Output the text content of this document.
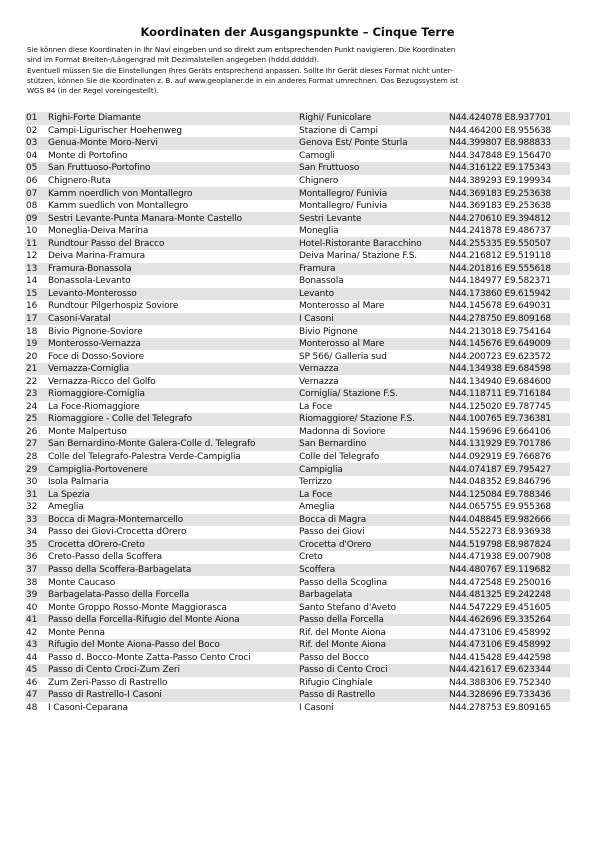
Koordinaten der Ausgangspunkte – Cinque Terre

Sie können diese Koordinaten in Ihr Navi eingeben und so direkt zum entsprechenden Punkt navigieren. Die Koordinaten

sind im Format Breiten-/Längengrad mit Dezimalstellen angegeben (hddd.ddddd).

Eventuell müssen Sie die Einstellungen Ihres Geräts entsprechend anpassen. Sollte Ihr Gerät dieses Format nicht unter-

stützen, können Sie die Koordinaten z. B. auf www.geoplaner.de in ein anderes Format umrechnen. Das Bezugssystem ist

WGS 84 (in der Regel voreingestellt).

01	Righi-Forte Diamante	Righi/ Funicolare	N44.424078 E8.937701
02	Campi-Ligurischer Hoehenweg	Stazione di Campi	N44.464200 E8.955638
03	Genua-Monte Moro-Nervi	Genova Est/ Ponte Sturla	N44.399807 E8.988833
04	Monte di Portofino	Camogli	N44.347848 E9.156470
05	San Fruttuoso-Portofino	San Fruttuoso	N44.316122 E9.175343
06	Chignero-Ruta	Chignero	N44.389293 E9.199934
07	Kamm noerdlich von Montallegro	Montallegro/ Funivia	N44.369183 E9.253638
08	Kamm suedlich von Montallegro	Montallegro/ Funivia	N44.369183 E9.253638
09	Sestri Levante-Punta Manara-Monte Castello	Sestri Levante	N44.270610 E9.394812
10	Moneglia-Deiva Marina	Moneglia	N44.241878 E9.486737
11	Rundtour Passo del Bracco	Hotel-Ristorante Baracchino	N44.255335 E9.550507
12	Deiva Marina-Framura	Deiva Marina/ Stazione F.S.	N44.216812 E9.519118
13	Framura-Bonassola	Framura	N44.201816 E9.555618
14	Bonassola-Levanto	Bonassola	N44.184977 E9.582371
15	Levanto-Monterosso	Levanto	N44.173860 E9.615942
16	Rundtour Pilgerhospiz Soviore	Monterosso al Mare	N44.145678 E9.649031
17	Casoni-Varatal	I Casoni	N44.278750 E9.809168
18	Bivio Pignone-Soviore	Bivio Pignone	N44.213018 E9.754164
19	Monterosso-Vernazza	Monterosso al Mare	N44.145676 E9.649009
20	Foce di Dosso-Soviore	SP 566/ Galleria sud	N44.200723 E9.623572
21	Vernazza-Corniglia	Vernazza	N44.134938 E9.684598
22	Vernazza-Ricco del Golfo	Vernazza	N44.134940 E9.684600
23	Riomaggiore-Corniglia	Corniglia/ Stazione F.S.	N44.118711 E9.716184
24	La Foce-Riomaggiore	La Foce	N44.125020 E9.787745
25	Riomaggiore - Colle del Telegrafo	Riomaggiore/ Stazione F.S.	N44.100765 E9.736381
26	Monte Malpertuso	Madonna di Soviore	N44.159696 E9.664106
27	San Bernardino-Monte Galera-Colle d. Telegrafo	San Bernardino	N44.131929 E9.701786
28	Colle del Telegrafo-Palestra Verde-Campiglia	Colle del Telegrafo	N44.092919 E9.766876
29	Campiglia-Portovenere	Campiglia	N44.074187 E9.795427
30	Isola Palmaria	Terrizzo	N44.048352 E9.846796
31	La Spezia	La Foce	N44.125084 E9.788346
32	Ameglia	Ameglia	N44.065755 E9.955368
33	Bocca di Magra-Montemarcello	Bocca di Magra	N44.048845 E9.982666
34	Passo dei Giovi-Crocetta dOrero	Passo dei Giovi	N44.552273 E8.936938
35	Crocetta dOrero-Creto	Crocetta d'Orero	N44.519798 E8.987824
36	Creto-Passo della Scoffera	Creto	N44.471938 E9.007908
37	Passo della Scoffera-Barbagelata	Scoffera	N44.480767 E9.119682
38	Monte Caucaso	Passo della Scoglina	N44.472548 E9.250016
39	Barbagelata-Passo della Forcella	Barbagelata	N44.481325 E9.242248
40	Monte Groppo Rosso-Monte Maggiorasca	Santo Stefano d'Aveto	N44.547229 E9.451605
41	Passo della Forcella-Rifugio del Monte Aiona	Passo della Forcella	N44.462696 E9.335264
42	Monte Penna	Rif. del Monte Aiona	N44.473106 E9.458992
43	Rifugio del Monte Aiona-Passo del Boco	Rif. del Monte Aiona	N44.473106 E9.458992
44	Passo d. Bocco-Monte Zatta-Passo Cento Croci	Passo del Bocco	N44.415428 E9.442598
45	Passo di Cento Croci-Zum Zeri	Passo di Cento Croci	N44.421617 E9.623344
46	Zum Zeri-Passo di Rastrello	Rifugio Cinghiale	N44.388306 E9.752340
47	Passo di Rastrello-I Casoni	Passo di Rastrello	N44.328696 E9.733436
48	I Casoni-Ceparana	I Casoni	N44.278753 E9.809165
